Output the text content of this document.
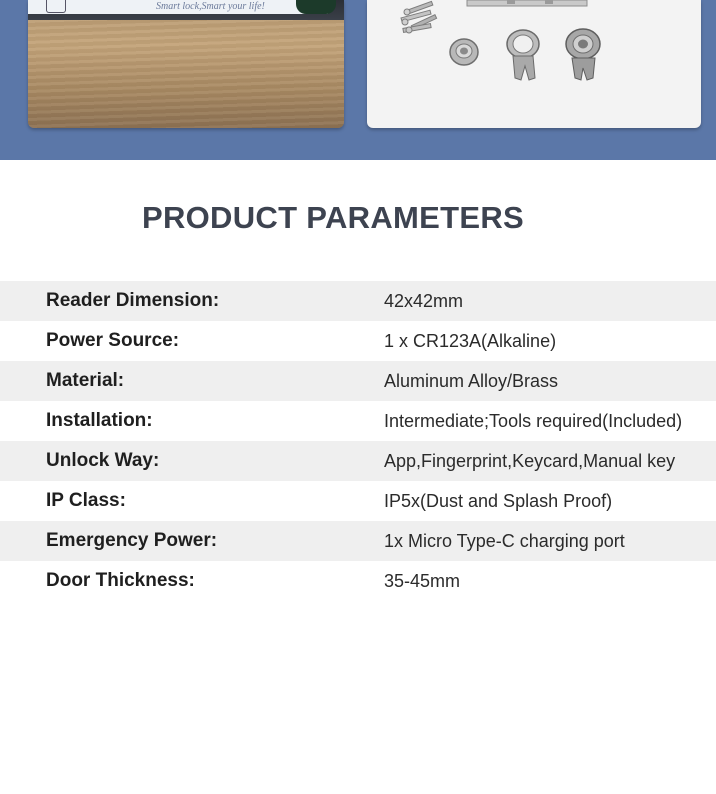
Smart lock,Smart your life!
PRODUCT PARAMETERS
Reader Dimension:	42x42mm
Power Source:	1 x CR123A(Alkaline)
Material:	Aluminum Alloy/Brass
Installation:	Intermediate;Tools required(Included)
Unlock Way:	App,Fingerprint,Keycard,Manual key
IP Class:	IP5x(Dust and Splash Proof)
Emergency Power:	1x Micro Type-C charging port
Door Thickness:	35-45mm
